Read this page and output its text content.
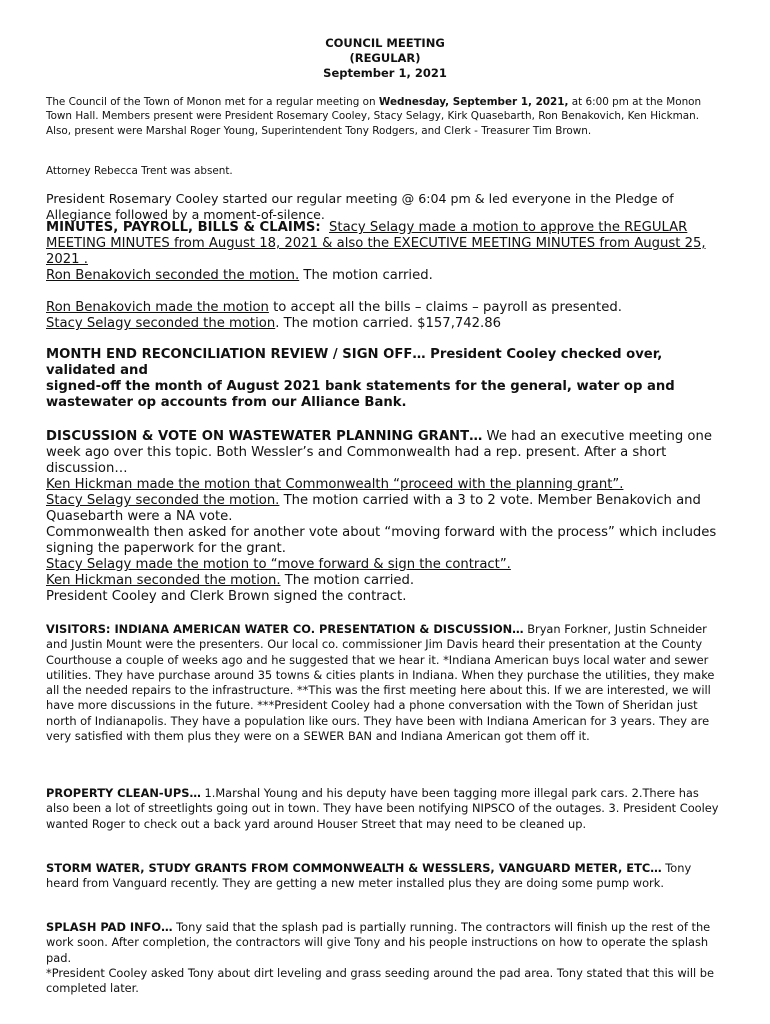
COUNCIL MEETING
(REGULAR)
September 1, 2021

The Council of the Town of Monon met for a regular meeting on Wednesday, September 1, 2021, at 6:00 pm at the Monon Town Hall. Members present were President Rosemary Cooley, Stacy Selagy, Kirk Quasebarth, Ron Benakovich, Ken Hickman. Also, present were Marshal Roger Young, Superintendent Tony Rodgers, and Clerk - Treasurer Tim Brown.

Attorney Rebecca Trent was absent.

President Rosemary Cooley started our regular meeting @ 6:04 pm & led everyone in the Pledge of Allegiance followed by a moment-of-silence.

MINUTES, PAYROLL, BILLS & CLAIMS: Stacy Selagy made a motion to approve the REGULAR MEETING MINUTES from August 18, 2021 & also the EXECUTIVE MEETING MINUTES from August 25, 2021 .
Ron Benakovich seconded the motion. The motion carried.

Ron Benakovich made the motion to accept all the bills – claims – payroll as presented.
Stacy Selagy seconded the motion. The motion carried. $157,742.86

MONTH END RECONCILIATION REVIEW / SIGN OFF… President Cooley checked over, validated and
signed-off the month of August 2021 bank statements for the general, water op and wastewater op accounts from our Alliance Bank.

DISCUSSION & VOTE ON WASTEWATER PLANNING GRANT… We had an executive meeting one week ago over this topic. Both Wessler’s and Commonwealth had a rep. present. After a short discussion…
Ken Hickman made the motion that Commonwealth “proceed with the planning grant”.
Stacy Selagy seconded the motion. The motion carried with a 3 to 2 vote. Member Benakovich and Quasebarth were a NA vote.
Commonwealth then asked for another vote about “moving forward with the process” which includes signing the paperwork for the grant.
Stacy Selagy made the motion to “move forward & sign the contract”.
Ken Hickman seconded the motion. The motion carried.
President Cooley and Clerk Brown signed the contract.

VISITORS: INDIANA AMERICAN WATER CO. PRESENTATION & DISCUSSION… Bryan Forkner, Justin Schneider and Justin Mount were the presenters. Our local co. commissioner Jim Davis heard their presentation at the County Courthouse a couple of weeks ago and he suggested that we hear it. *Indiana American buys local water and sewer utilities. They have purchase around 35 towns & cities plants in Indiana. When they purchase the utilities, they make all the needed repairs to the infrastructure. **This was the first meeting here about this. If we are interested, we will have more discussions in the future. ***President Cooley had a phone conversation with the Town of Sheridan just north of Indianapolis. They have a population like ours. They have been with Indiana American for 3 years. They are very satisfied with them plus they were on a SEWER BAN and Indiana American got them off it.

PROPERTY CLEAN-UPS… 1.Marshal Young and his deputy have been tagging more illegal park cars. 2.There has also been a lot of streetlights going out in town. They have been notifying NIPSCO of the outages. 3. President Cooley wanted Roger to check out a back yard around Houser Street that may need to be cleaned up.

STORM WATER, STUDY GRANTS FROM COMMONWEALTH & WESSLERS, VANGUARD METER, ETC… Tony heard from Vanguard recently. They are getting a new meter installed plus they are doing some pump work.

SPLASH PAD INFO… Tony said that the splash pad is partially running. The contractors will finish up the rest of the work soon. After completion, the contractors will give Tony and his people instructions on how to operate the splash pad.
*President Cooley asked Tony about dirt leveling and grass seeding around the pad area. Tony stated that this will be completed later.
